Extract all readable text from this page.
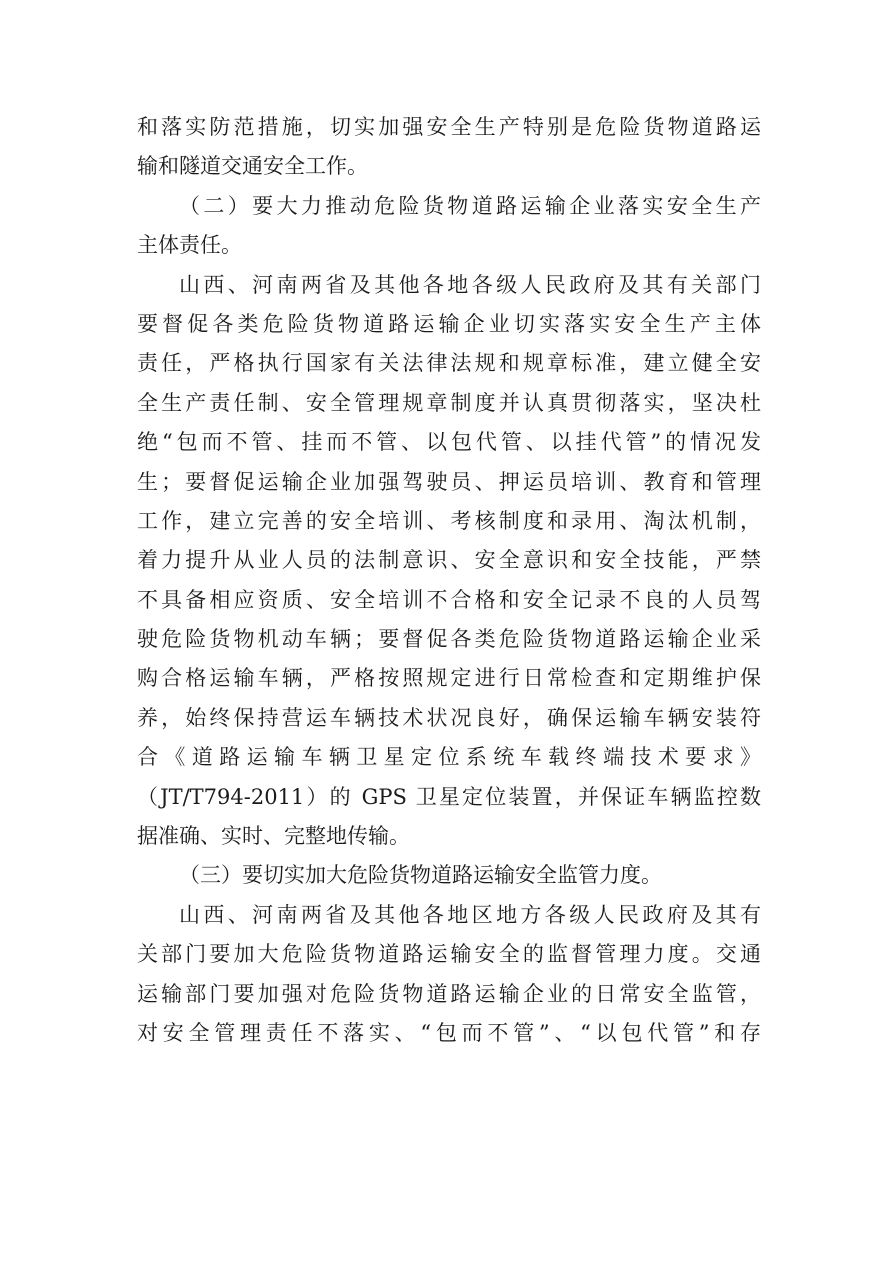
和落实防范措施，切实加强安全生产特别是危险货物道路运
输和隧道交通安全工作。
（二）要大力推动危险货物道路运输企业落实安全生产
主体责任。
山西、河南两省及其他各地各级人民政府及其有关部门
要督促各类危险货物道路运输企业切实落实安全生产主体
责任，严格执行国家有关法律法规和规章标准，建立健全安
全生产责任制、安全管理规章制度并认真贯彻落实，坚决杜
绝“包而不管、挂而不管、以包代管、以挂代管”的情况发
生；要督促运输企业加强驾驶员、押运员培训、教育和管理
工作，建立完善的安全培训、考核制度和录用、淘汰机制，
着力提升从业人员的法制意识、安全意识和安全技能，严禁
不具备相应资质、安全培训不合格和安全记录不良的人员驾
驶危险货物机动车辆；要督促各类危险货物道路运输企业采
购合格运输车辆，严格按照规定进行日常检查和定期维护保
养，始终保持营运车辆技术状况良好，确保运输车辆安装符
合《道路运输车辆卫星定位系统车载终端技术要求》
（JT/T794-2011）的 GPS 卫星定位装置，并保证车辆监控数
据准确、实时、完整地传输。
（三）要切实加大危险货物道路运输安全监管力度。
山西、河南两省及其他各地区地方各级人民政府及其有
关部门要加大危险货物道路运输安全的监督管理力度。交通
运输部门要加强对危险货物道路运输企业的日常安全监管，
对安全管理责任不落实、“包而不管”、“以包代管”和存
